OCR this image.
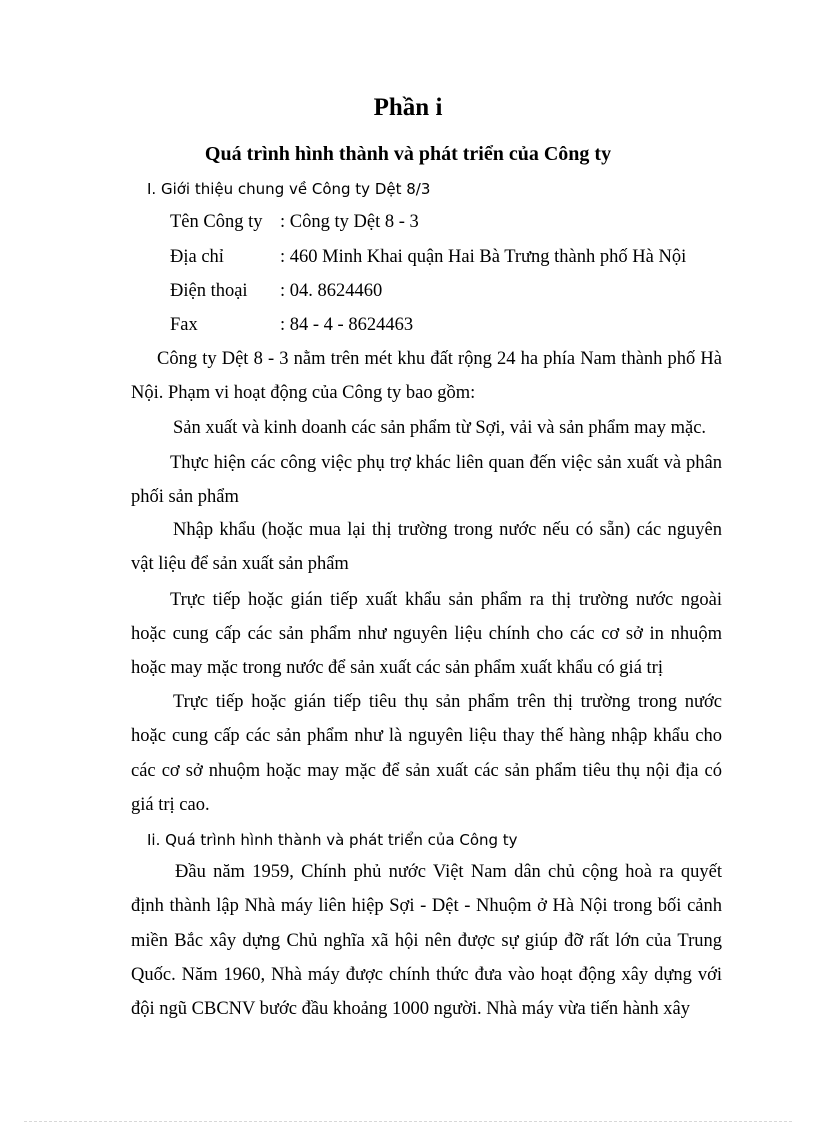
Phần i
Quá trình hình thành và phát triển của Công ty

I. Giới thiệu chung về Công ty Dệt 8/3

Tên Công ty : Công ty Dệt 8 - 3

Địa chỉ	: 460 Minh Khai quận Hai Bà Trưng thành phố Hà Nội

Điện thoại : 04. 8624460

Fax	: 84 - 4 - 8624463

Công ty Dệt 8 - 3 nằm trên mét khu đất rộng 24 ha phía Nam thành phố Hà

Nội. Phạm vi hoạt động của Công ty bao gồm:

Sản xuất và kinh doanh các sản phẩm từ Sợi, vải và sản phẩm may mặc.

Thực hiện các công việc phụ trợ khác liên quan đến việc sản xuất và phân

phối sản phẩm

Nhập khẩu (hoặc mua lại thị trường trong nước nếu có sẵn) các nguyên

vật liệu để sản xuất sản phẩm

Trực tiếp hoặc gián tiếp xuất khẩu sản phẩm ra thị trường nước ngoài

hoặc cung cấp các sản phẩm như nguyên liệu chính cho các cơ sở in nhuộm

hoặc may mặc trong nước để sản xuất các sản phẩm xuất khẩu có giá trị

Trực tiếp hoặc gián tiếp tiêu thụ sản phẩm trên thị trường trong nước

hoặc cung cấp các sản phẩm như là nguyên liệu thay thế hàng nhập khẩu cho

các cơ sở nhuộm hoặc may mặc để sản xuất các sản phẩm tiêu thụ nội địa có

giá trị cao.

Ii. Quá trình hình thành và phát triển của Công ty

Đầu năm 1959, Chính phủ nước Việt Nam dân chủ cộng hoà ra quyết

định thành lập Nhà máy liên hiệp Sợi - Dệt - Nhuộm ở Hà Nội trong bối cảnh

miền Bắc xây dựng Chủ nghĩa xã hội nên được sự giúp đỡ rất lớn của Trung

Quốc. Năm 1960, Nhà máy được chính thức đưa vào hoạt động xây dựng với

đội ngũ CBCNV bước đầu khoảng 1000 người. Nhà máy vừa tiến hành xây
